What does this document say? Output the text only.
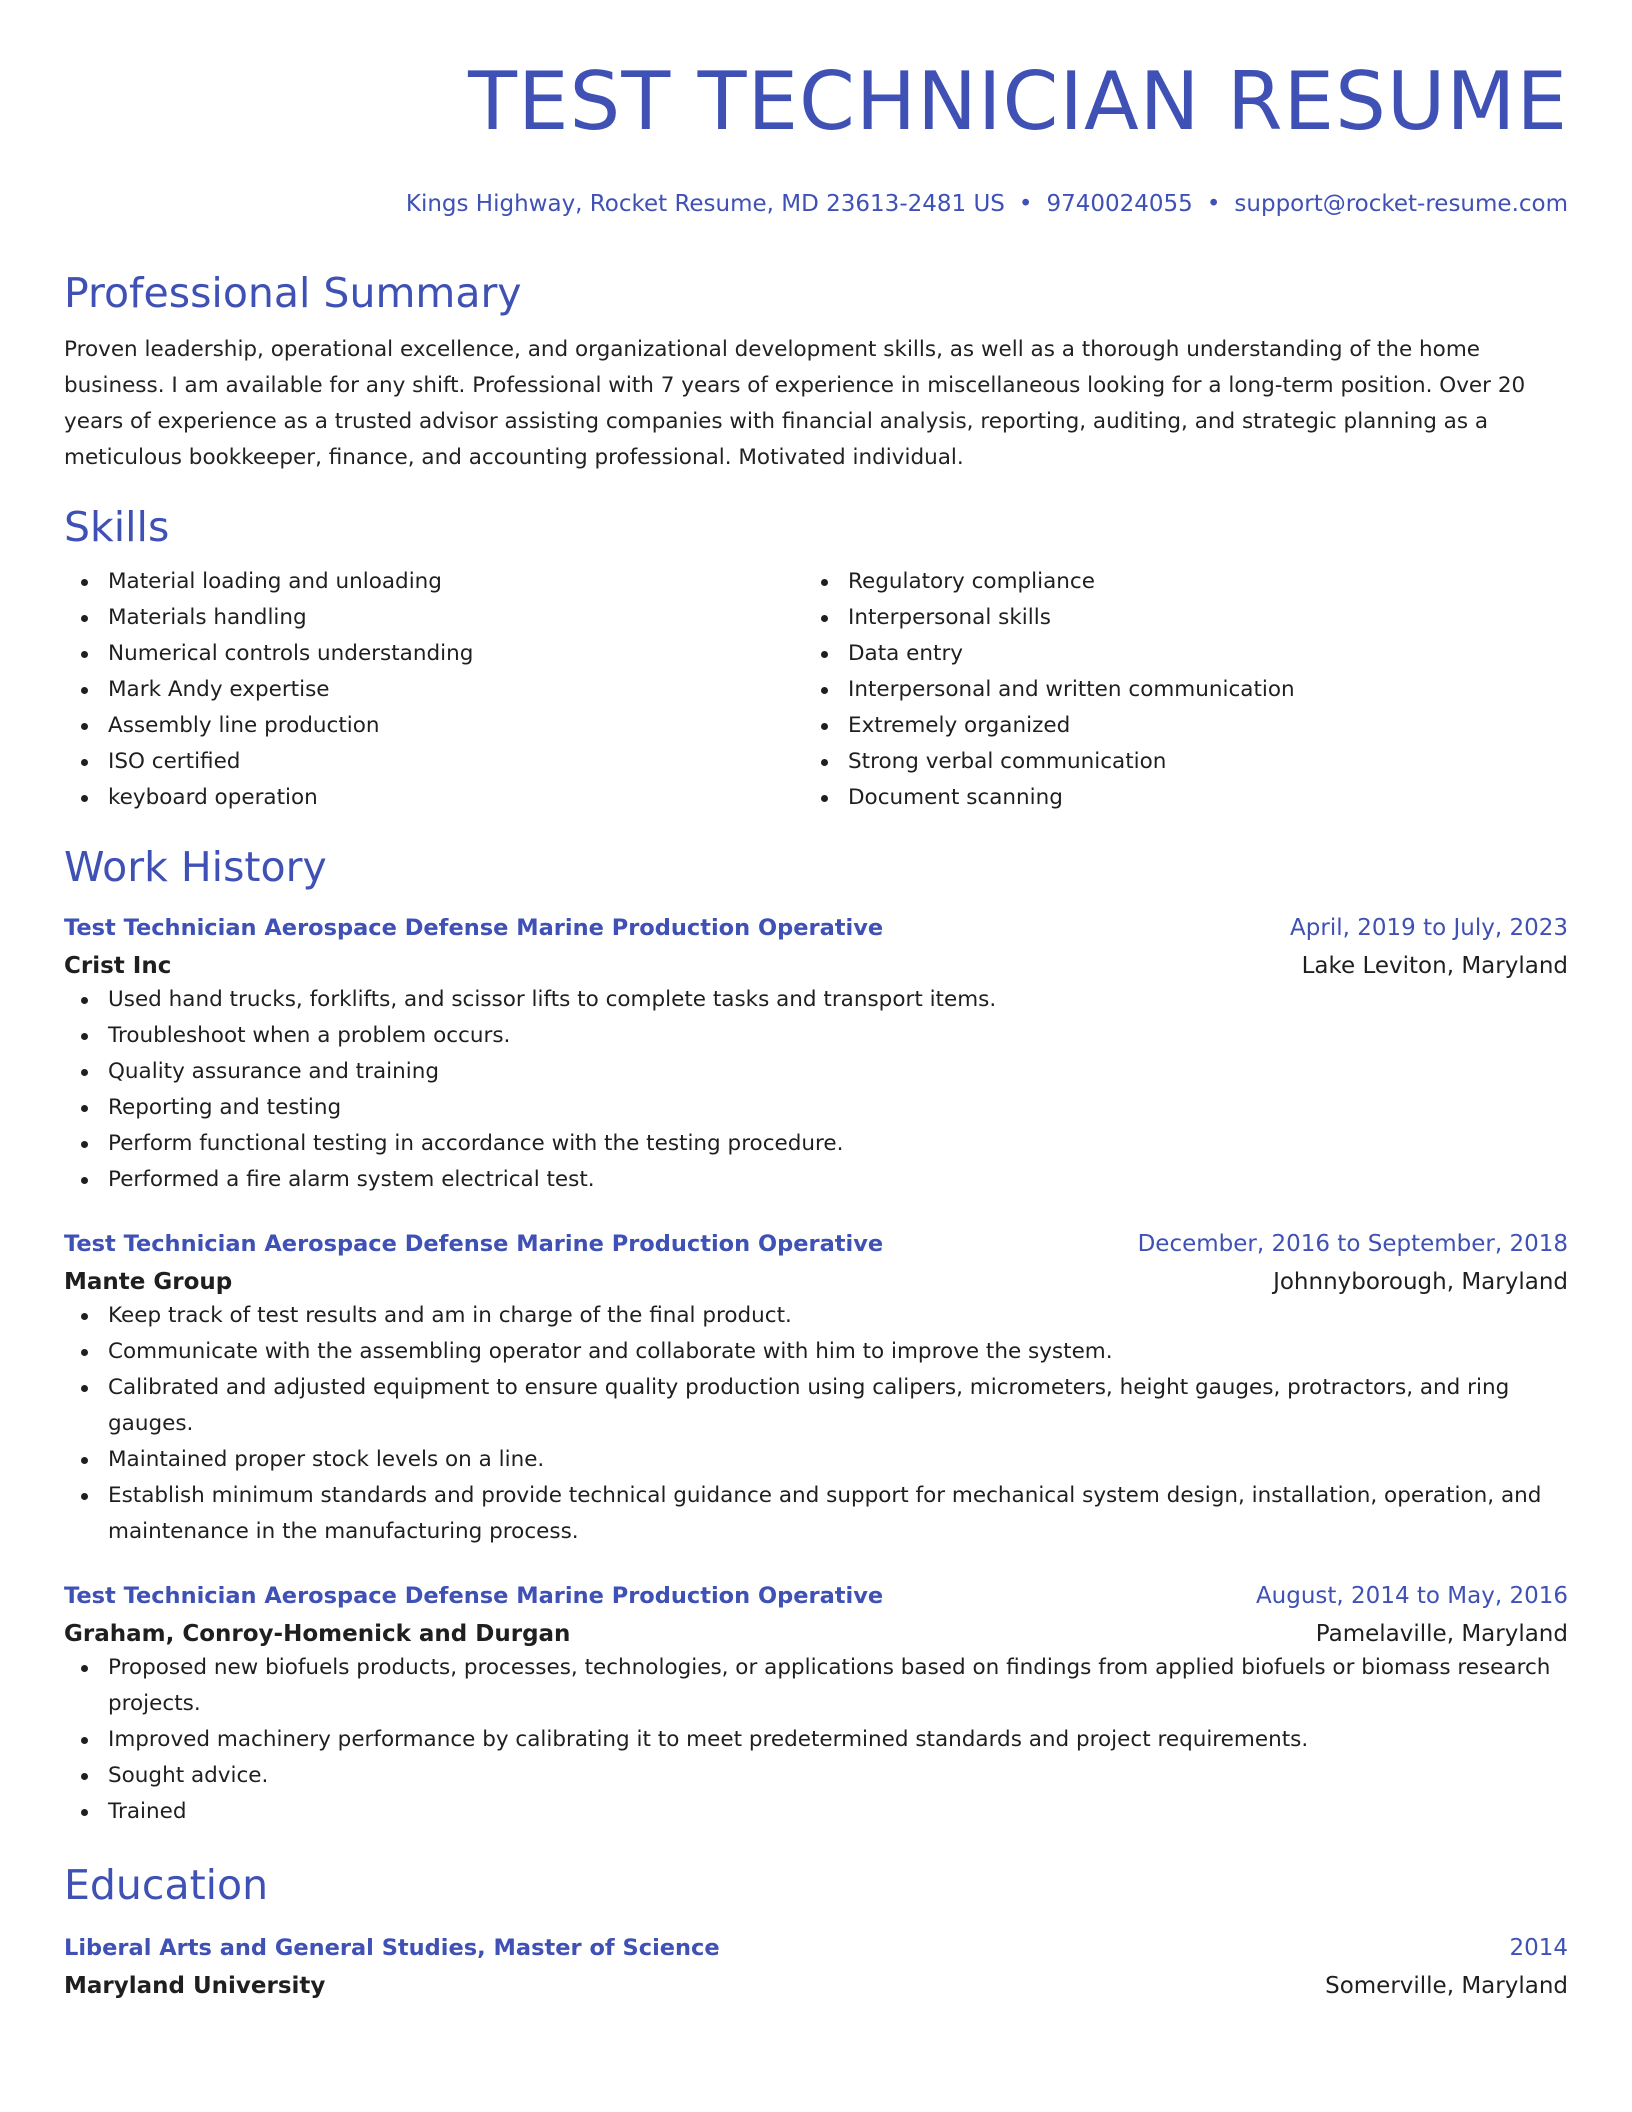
TEST TECHNICIAN RESUME
Kings Highway, Rocket Resume, MD 23613-2481 US • 9740024055 • support@rocket-resume.com
Professional Summary
Proven leadership, operational excellence, and organizational development skills, as well as a thorough understanding of the home business. I am available for any shift. Professional with 7 years of experience in miscellaneous looking for a long-term position. Over 20 years of experience as a trusted advisor assisting companies with financial analysis, reporting, auditing, and strategic planning as a meticulous bookkeeper, finance, and accounting professional. Motivated individual.
Skills
Material loading and unloading
Materials handling
Numerical controls understanding
Mark Andy expertise
Assembly line production
ISO certified
keyboard operation
Regulatory compliance
Interpersonal skills
Data entry
Interpersonal and written communication
Extremely organized
Strong verbal communication
Document scanning
Work History
Test Technician Aerospace Defense Marine Production Operative	April, 2019 to July, 2023
Crist Inc	Lake Leviton, Maryland
Used hand trucks, forklifts, and scissor lifts to complete tasks and transport items.
Troubleshoot when a problem occurs.
Quality assurance and training
Reporting and testing
Perform functional testing in accordance with the testing procedure.
Performed a fire alarm system electrical test.
Test Technician Aerospace Defense Marine Production Operative	December, 2016 to September, 2018
Mante Group	Johnnyborough, Maryland
Keep track of test results and am in charge of the final product.
Communicate with the assembling operator and collaborate with him to improve the system.
Calibrated and adjusted equipment to ensure quality production using calipers, micrometers, height gauges, protractors, and ring gauges.
Maintained proper stock levels on a line.
Establish minimum standards and provide technical guidance and support for mechanical system design, installation, operation, and maintenance in the manufacturing process.
Test Technician Aerospace Defense Marine Production Operative	August, 2014 to May, 2016
Graham, Conroy-Homenick and Durgan	Pamelaville, Maryland
Proposed new biofuels products, processes, technologies, or applications based on findings from applied biofuels or biomass research projects.
Improved machinery performance by calibrating it to meet predetermined standards and project requirements.
Sought advice.
Trained
Education
Liberal Arts and General Studies, Master of Science	2014
Maryland University	Somerville, Maryland
